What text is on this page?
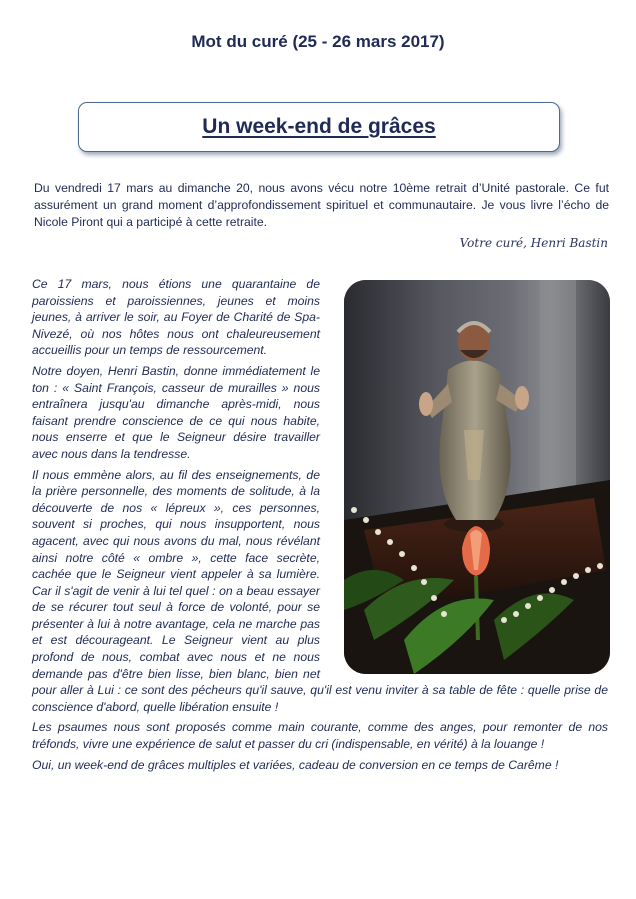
Mot du curé (25 - 26 mars 2017)
Un week-end de grâces

Du vendredi 17 mars au dimanche 20, nous avons vécu notre 10ème retrait d’Unité pastorale. Ce fut assurément un grand moment d’approfondissement spirituel et communautaire. Je vous livre l’écho de Nicole Piront qui a participé à cette retraite.

Votre curé, Henri Bastin

Ce 17 mars, nous étions une quarantaine de paroissiens et paroissiennes, jeunes et moins jeunes, à arriver le soir, au Foyer de Charité de Spa-Nivezé, où nos hôtes nous ont chaleureusement accueillis pour un temps de ressourcement.

Notre doyen, Henri Bastin, donne immédiatement le ton : « Saint François, casseur de murailles » nous entraînera jusqu'au dimanche après-midi, nous faisant prendre conscience de ce qui nous habite, nous enserre et que le Seigneur désire travailler avec nous dans la tendresse.

Il nous emmène alors, au fil des enseignements, de la prière personnelle, des moments de solitude, à la découverte de nos « lépreux », ces personnes, souvent si proches, qui nous insupportent, nous agacent, avec qui nous avons du mal, nous révélant ainsi notre côté « ombre », cette face secrète, cachée que le Seigneur vient appeler à sa lumière. Car il s'agit de venir à lui tel quel : on a beau essayer de se récurer tout seul à force de volonté, pour se présenter à lui à notre avantage, cela ne marche pas et est décourageant. Le Seigneur vient au plus profond de nous, combat avec nous et ne nous demande pas d'être bien lisse, bien blanc, bien net pour aller à Lui : ce sont des pécheurs qu'il sauve, qu'il est venu inviter à sa table de fête : quelle prise de conscience d'abord, quelle libération ensuite !

Les psaumes nous sont proposés comme main courante, comme des anges, pour remonter de nos tréfonds, vivre une expérience de salut et passer du cri (indispensable, en vérité) à la louange !

Oui, un week-end de grâces multiples et variées, cadeau de conversion en ce temps de Carême !
